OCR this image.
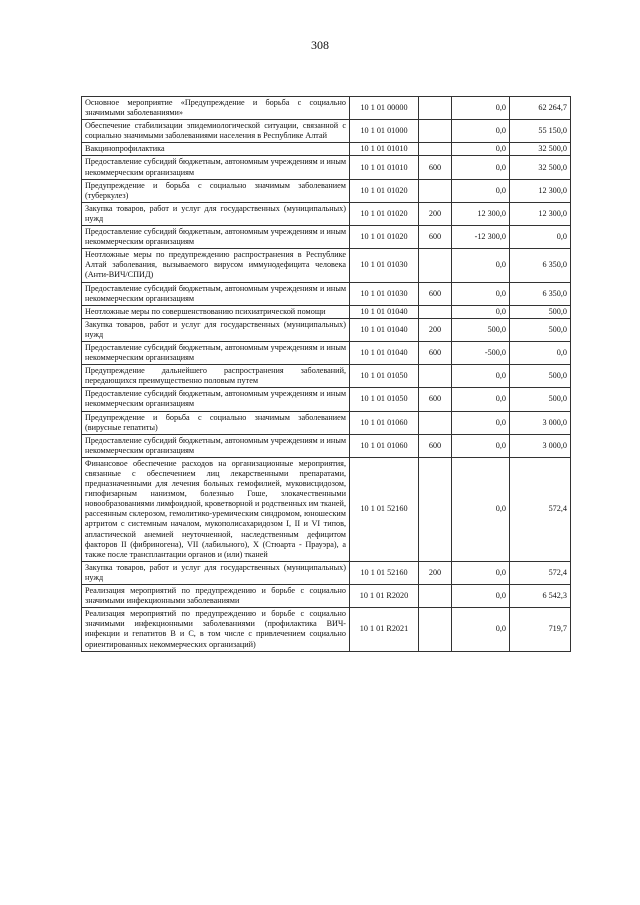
308
Основное мероприятие «Предупреждение и борьба с социально значимыми заболеваниями»	10 1 01 00000		0,0	62 264,7
Обеспечение стабилизации эпидемиологической ситуации, связанной с социально значимыми заболеваниями населения в Республике Алтай	10 1 01 01000		0,0	55 150,0
Вакцинопрофилактика	10 1 01 01010		0,0	32 500,0
Предоставление субсидий бюджетным, автономным учреждениям и иным некоммерческим организациям	10 1 01 01010	600	0,0	32 500,0
Предупреждение и борьба с социально значимым заболеванием (туберкулез)	10 1 01 01020		0,0	12 300,0
Закупка товаров, работ и услуг для государственных (муниципальных) нужд	10 1 01 01020	200	12 300,0	12 300,0
Предоставление субсидий бюджетным, автономным учреждениям и иным некоммерческим организациям	10 1 01 01020	600	-12 300,0	0,0
Неотложные меры по предупреждению распространения в Республике Алтай заболевания, вызываемого вирусом иммунодефицита человека (Анти-ВИЧ/СПИД)	10 1 01 01030		0,0	6 350,0
Предоставление субсидий бюджетным, автономным учреждениям и иным некоммерческим организациям	10 1 01 01030	600	0,0	6 350,0
Неотложные меры по совершенствованию психиатрической помощи	10 1 01 01040		0,0	500,0
Закупка товаров, работ и услуг для государственных (муниципальных) нужд	10 1 01 01040	200	500,0	500,0
Предоставление субсидий бюджетным, автономным учреждениям и иным некоммерческим организациям	10 1 01 01040	600	-500,0	0,0
Предупреждение дальнейшего распространения заболеваний, передающихся преимущественно половым путем	10 1 01 01050		0,0	500,0
Предоставление субсидий бюджетным, автономным учреждениям и иным некоммерческим организациям	10 1 01 01050	600	0,0	500,0
Предупреждение и борьба с социально значимым заболеванием (вирусные гепатиты)	10 1 01 01060		0,0	3 000,0
Предоставление субсидий бюджетным, автономным учреждениям и иным некоммерческим организациям	10 1 01 01060	600	0,0	3 000,0
Финансовое обеспечение расходов на организационные мероприятия, связанные с обеспечением лиц лекарственными препаратами, предназначенными для лечения больных гемофилией, муковисцидозом, гипофизарным нанизмом, болезнью Гоше, злокачественными новообразованиями лимфоидной, кроветворной и родственных им тканей, рассеянным склерозом, гемолитико-уремическим синдромом, юношеским артритом с системным началом, мукополисахаридозом I, II и VI типов, апластической анемией неуточненной, наследственным дефицитом факторов II (фибриногена), VII (лабильного), X (Стюарта - Прауэра), а также после трансплантации органов и (или) тканей	10 1 01 52160		0,0	572,4
Закупка товаров, работ и услуг для государственных (муниципальных) нужд	10 1 01 52160	200	0,0	572,4
Реализация мероприятий по предупреждению и борьбе с социально значимыми инфекционными заболеваниями	10 1 01 R2020		0,0	6 542,3
Реализация мероприятий по предупреждению и борьбе с социально значимыми инфекционными заболеваниями (профилактика ВИЧ-инфекции и гепатитов В и С, в том числе с привлечением социально ориентированных некоммерческих организаций)	10 1 01 R2021		0,0	719,7
